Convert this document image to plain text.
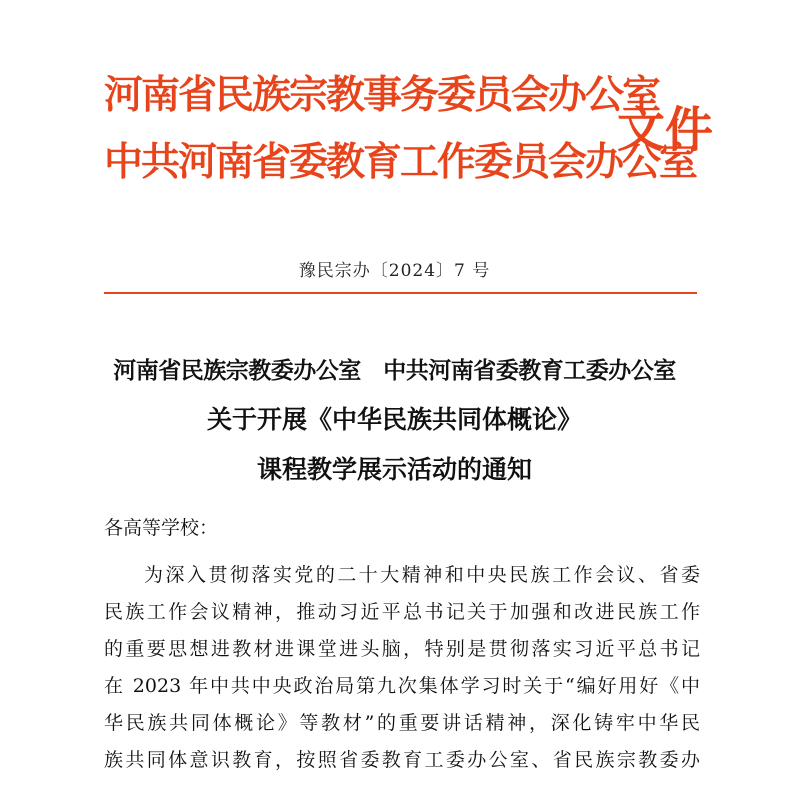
河南省民族宗教事务委员会办公室
中共河南省委教育工作委员会办公室
文件
豫民宗办〔2024〕7 号
河南省民族宗教委办公室　中共河南省委教育工委办公室
关于开展《中华民族共同体概论》
课程教学展示活动的通知
各高等学校：
为深入贯彻落实党的二十大精神和中央民族工作会议、省委
民族工作会议精神，推动习近平总书记关于加强和改进民族工作
的重要思想进教材进课堂进头脑，特别是贯彻落实习近平总书记
在 2023 年中共中央政治局第九次集体学习时关于“编好用好《中
华民族共同体概论》等教材”的重要讲话精神，深化铸牢中华民
族共同体意识教育，按照省委教育工委办公室、省民族宗教委办
